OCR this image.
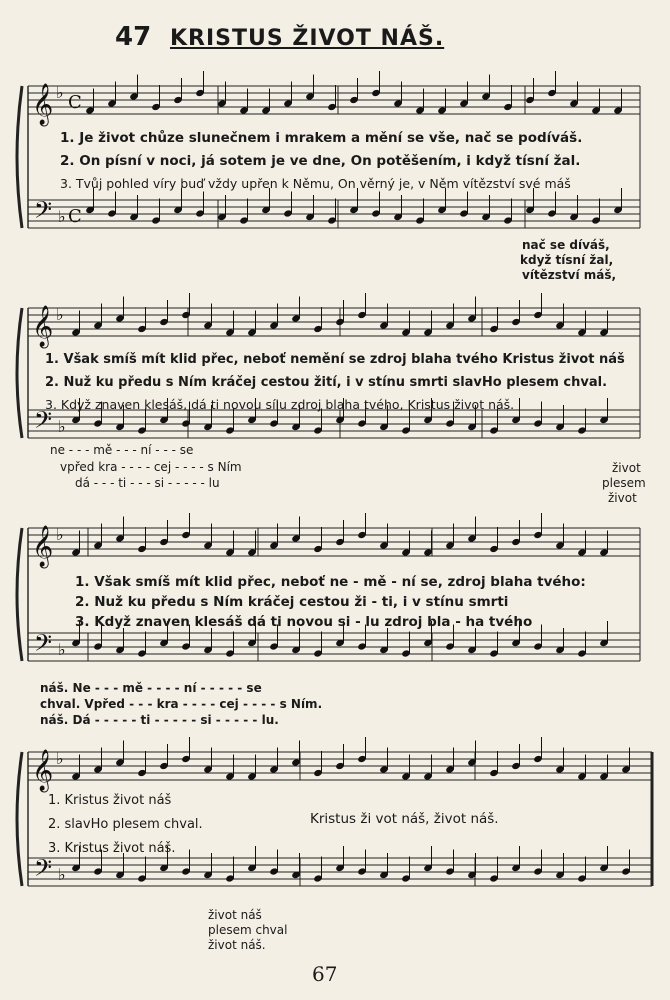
47 KRISTUS ŽIVOT NÁŠ.
𝄞
𝄢
♭
♭
C
C
𝄞
𝄢
♭
♭
𝄞
𝄢
♭
♭
𝄞
𝄢
♭
♭
1. Je život chůze slunečnem i mrakem a mění se vše, nač se podíváš.
2. On písní v noci, já sotem je ve dne, On potěšením, i když tísní žal.
3. Tvůj pohled víry buď vždy upřen k Němu, On věrný je, v Něm vítězství své máš
nač se díváš,
když tísní žal,
vítězství máš,
1. Však smíš mít klid přec, neboť nemění se zdroj blaha tvého Kristus život náš
2. Nuž ku předu s Ním kráčej cestou žití, i v stínu smrti slavHo plesem chval.
3. Když znaven klesáš, dá ti novou sílu zdroj blaha tvého, Kristus život náš.
ne - - - mě - - - ní - - - se
vpřed kra - - - - cej - - - - s Ním
dá - - - ti - - - si - - - - - lu
život
plesem
život
1. Však smíš mít klid přec, neboť ne - mě - ní se, zdroj blaha tvého:
2. Nuž ku předu s Ním kráčej cestou ži - ti, i v stínu smrti
3. Když znaven klesáš dá ti novou si - lu zdroj bla - ha tvého
náš. Ne - - - mě - - - - ní - - - - - se
chval. Vpřed - - - kra - - - - cej - - - - s Ním.
náš. Dá - - - - - ti - - - - - si - - - - - lu.
1. Kristus život náš
2. slavHo plesem chval.
3. Kristus život náš.
Kristus ži vot náš, život náš.
život náš
plesem chval
život náš.
67
